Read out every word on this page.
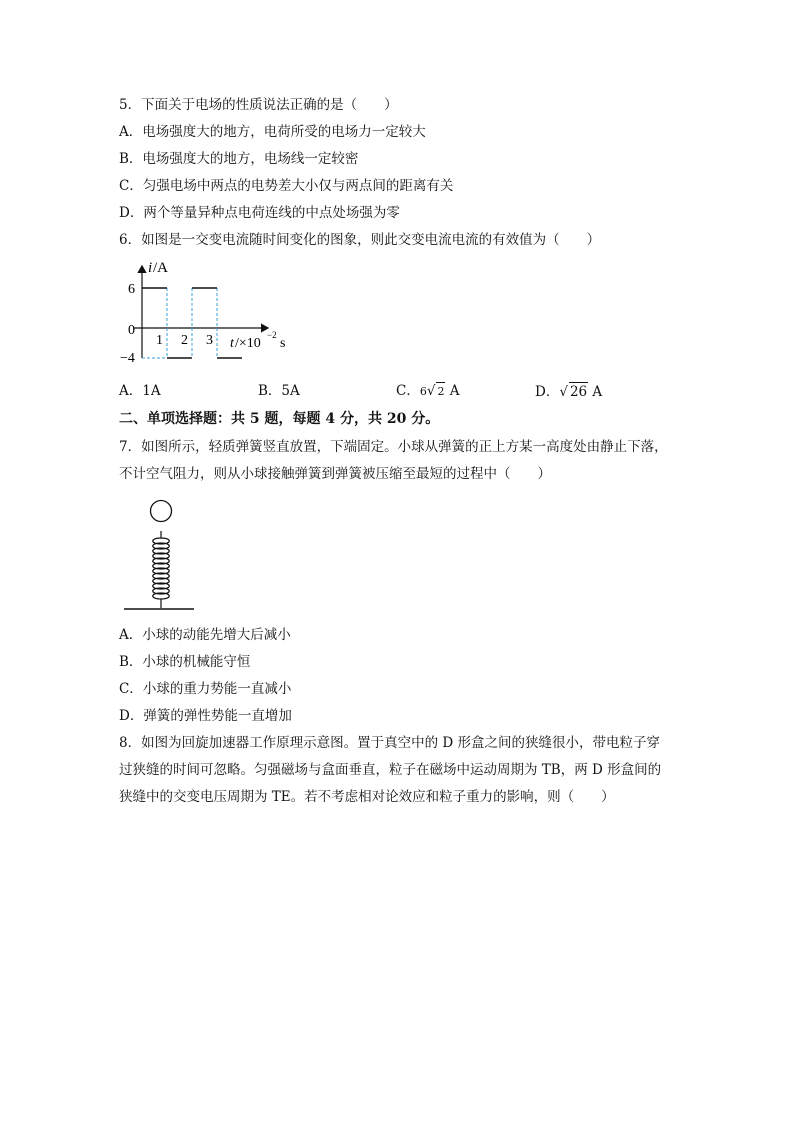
5．下面关于电场的性质说法正确的是（　　）
A．电场强度大的地方，电荷所受的电场力一定较大
B．电场强度大的地方，电场线一定较密
C．匀强电场中两点的电势差大小仅与两点间的距离有关
D．两个等量异种点电荷连线的中点处场强为零
6．如图是一交变电流随时间变化的图象，则此交变电流电流的有效值为（　　）
i /A
6
0
−4
1 2 3 t /×10
−2
s
A．1A	B．5A	C．6√ 2 A	D．√ 26 A
二、单项选择题：共 5 题，每题 4 分，共 20 分。
7．如图所示，轻质弹簧竖直放置，下端固定。小球从弹簧的正上方某一高度处由静止下落，
不计空气阻力，则从小球接触弹簧到弹簧被压缩至最短的过程中（　　）
A．小球的动能先增大后减小
B．小球的机械能守恒
C．小球的重力势能一直减小
D．弹簧的弹性势能一直增加
8．如图为回旋加速器工作原理示意图。置于真空中的 D 形盒之间的狭缝很小，带电粒子穿
过狭缝的时间可忽略。匀强磁场与盒面垂直，粒子在磁场中运动周期为 TB，两 D 形盒间的
狭缝中的交变电压周期为 TE。若不考虑相对论效应和粒子重力的影响，则（　　）
